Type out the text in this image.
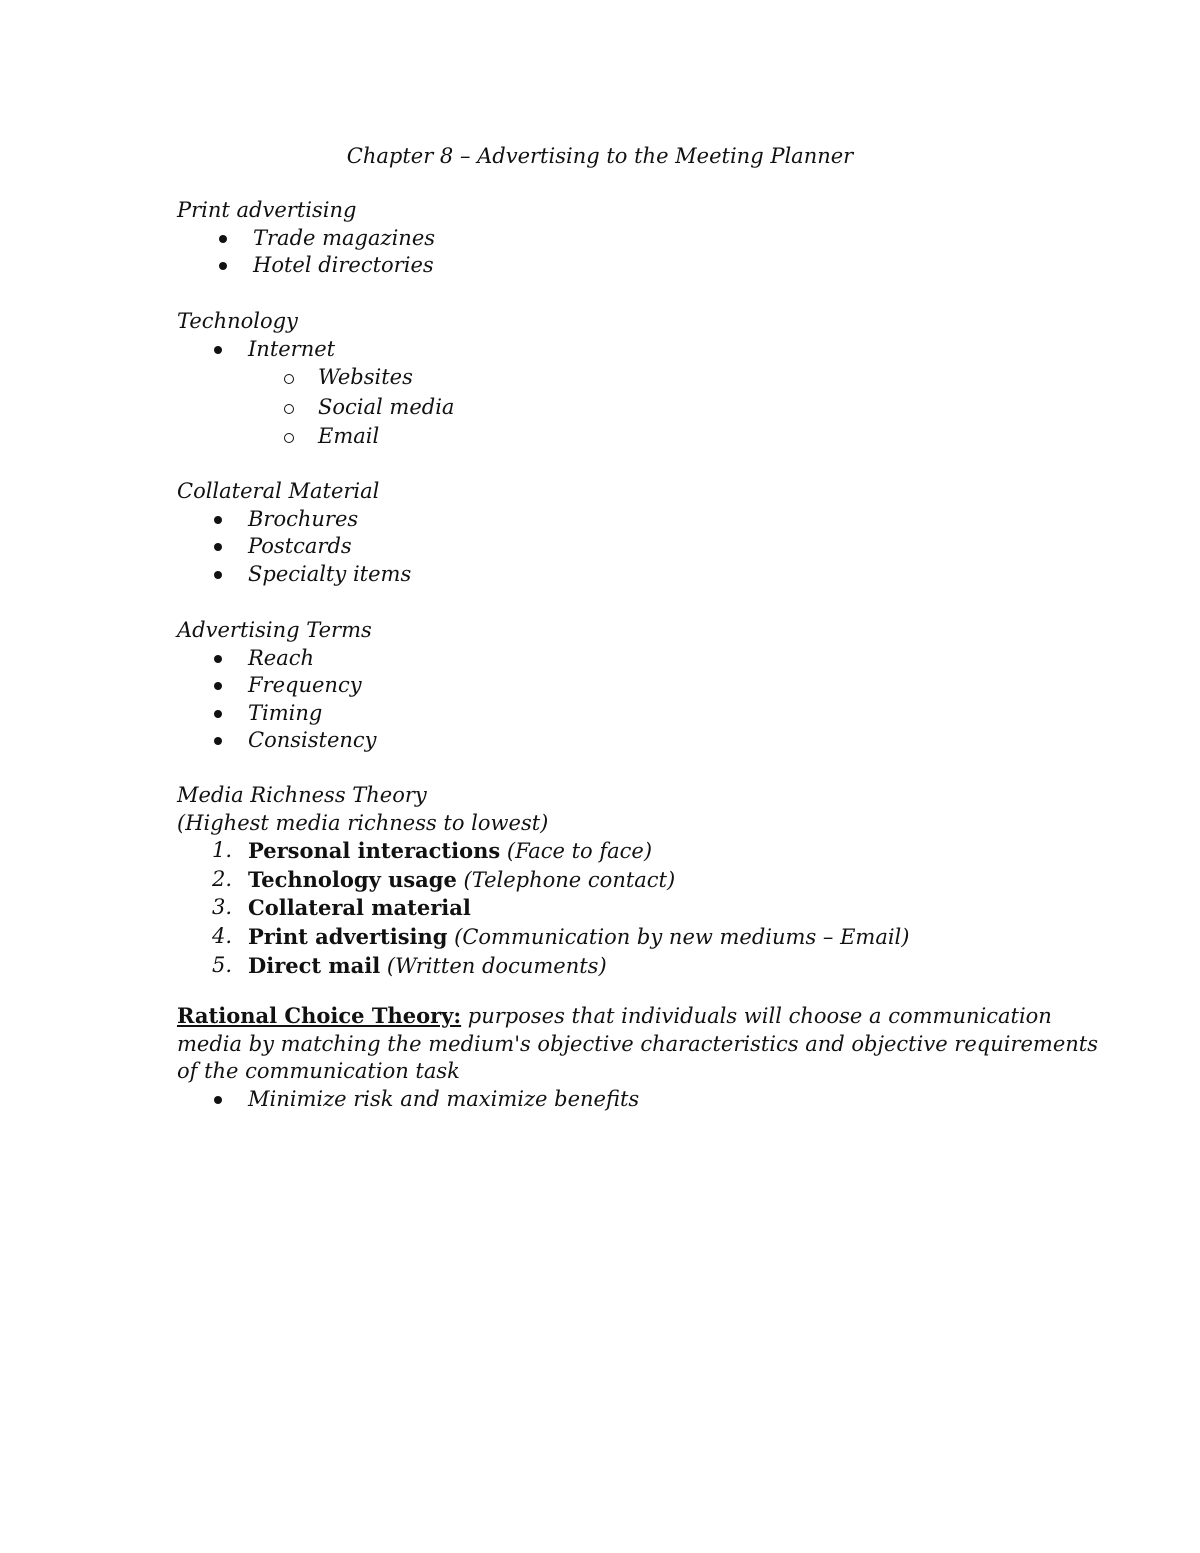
Chapter 8 – Advertising to the Meeting Planner
Print advertising
Trade magazines
Hotel directories
Technology
Internet
Websites
Social media
Email
Collateral Material
Brochures
Postcards
Specialty items
Advertising Terms
Reach
Frequency
Timing
Consistency
Media Richness Theory
(Highest media richness to lowest)
1. Personal interactions (Face to face)
2. Technology usage (Telephone contact)
3. Collateral material
4. Print advertising (Communication by new mediums – Email)
5. Direct mail (Written documents)
Rational Choice Theory: purposes that individuals will choose a communication
media by matching the medium's objective characteristics and objective requirements
of the communication task
Minimize risk and maximize benefits
